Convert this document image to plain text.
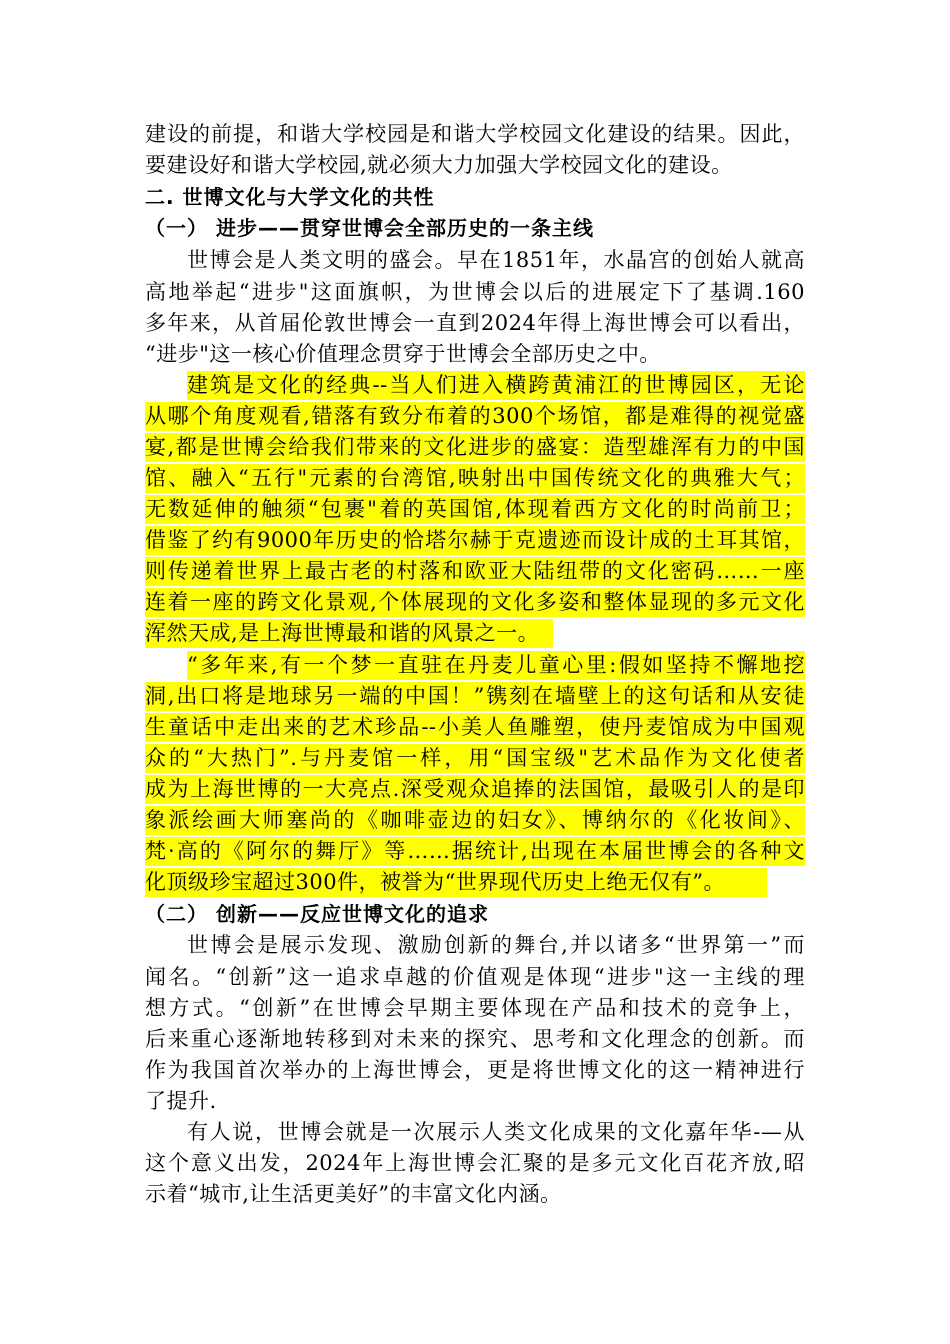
建设的前提，和谐大学校园是和谐大学校园文化建设的结果。因此，
要建设好和谐大学校园,就必须大力加强大学校园文化的建设。
二. 世博文化与大学文化的共性
（一） 进步——贯穿世博会全部历史的一条主线
世博会是人类文明的盛会。早在1851年，水晶宫的创始人就高
高地举起“进步"这面旗帜，为世博会以后的进展定下了基调.160
多年来，从首届伦敦世博会一直到2024年得上海世博会可以看出，
“进步"这一核心价值理念贯穿于世博会全部历史之中。
建筑是文化的经典--当人们进入横跨黄浦江的世博园区，无论
从哪个角度观看,错落有致分布着的300个场馆，都是难得的视觉盛
宴,都是世博会给我们带来的文化进步的盛宴：造型雄浑有力的中国
馆、融入“五行"元素的台湾馆,映射出中国传统文化的典雅大气；
无数延伸的触须“包裹"着的英国馆,体现着西方文化的时尚前卫；
借鉴了约有9000年历史的恰塔尔赫于克遗迹而设计成的土耳其馆，
则传递着世界上最古老的村落和欧亚大陆纽带的文化密码……一座
连着一座的跨文化景观,个体展现的文化多姿和整体显现的多元文化
浑然天成,是上海世博最和谐的风景之一。
“多年来,有一个梦一直驻在丹麦儿童心里:假如坚持不懈地挖
洞,出口将是地球另一端的中国！”镌刻在墙壁上的这句话和从安徒
生童话中走出来的艺术珍品--小美人鱼雕塑，使丹麦馆成为中国观
众的“大热门”.与丹麦馆一样，用“国宝级"艺术品作为文化使者
成为上海世博的一大亮点.深受观众追捧的法国馆，最吸引人的是印
象派绘画大师塞尚的《咖啡壶边的妇女》、博纳尔的《化妆间》、
梵·高的《阿尔的舞厅》等……据统计,出现在本届世博会的各种文
化顶级珍宝超过300件，被誉为“世界现代历史上绝无仅有”。
（二） 创新——反应世博文化的追求
世博会是展示发现、激励创新的舞台,并以诸多“世界第一”而
闻名。“创新”这一追求卓越的价值观是体现“进步"这一主线的理
想方式。“创新”在世博会早期主要体现在产品和技术的竞争上，
后来重心逐渐地转移到对未来的探究、思考和文化理念的创新。而
作为我国首次举办的上海世博会，更是将世博文化的这一精神进行
了提升.
有人说，世博会就是一次展示人类文化成果的文化嘉年华-—从
这个意义出发，2024年上海世博会汇聚的是多元文化百花齐放,昭
示着“城市,让生活更美好”的丰富文化内涵。
